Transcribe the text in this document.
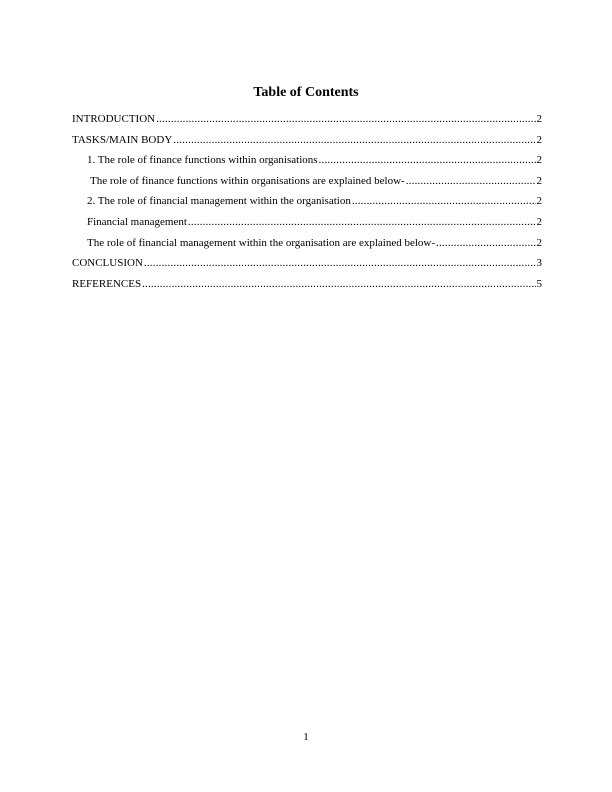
Table of Contents
INTRODUCTION .....	2
TASKS/MAIN BODY .....	2
1. The role of finance functions within organisations .....	2
The role of finance functions within organisations are explained below- .....	2
2. The role of financial management within the organisation .....	2
Financial management .....	2
The role of financial management within the organisation are explained below- .....	2
CONCLUSION .....	3
REFERENCES .....	5
1
